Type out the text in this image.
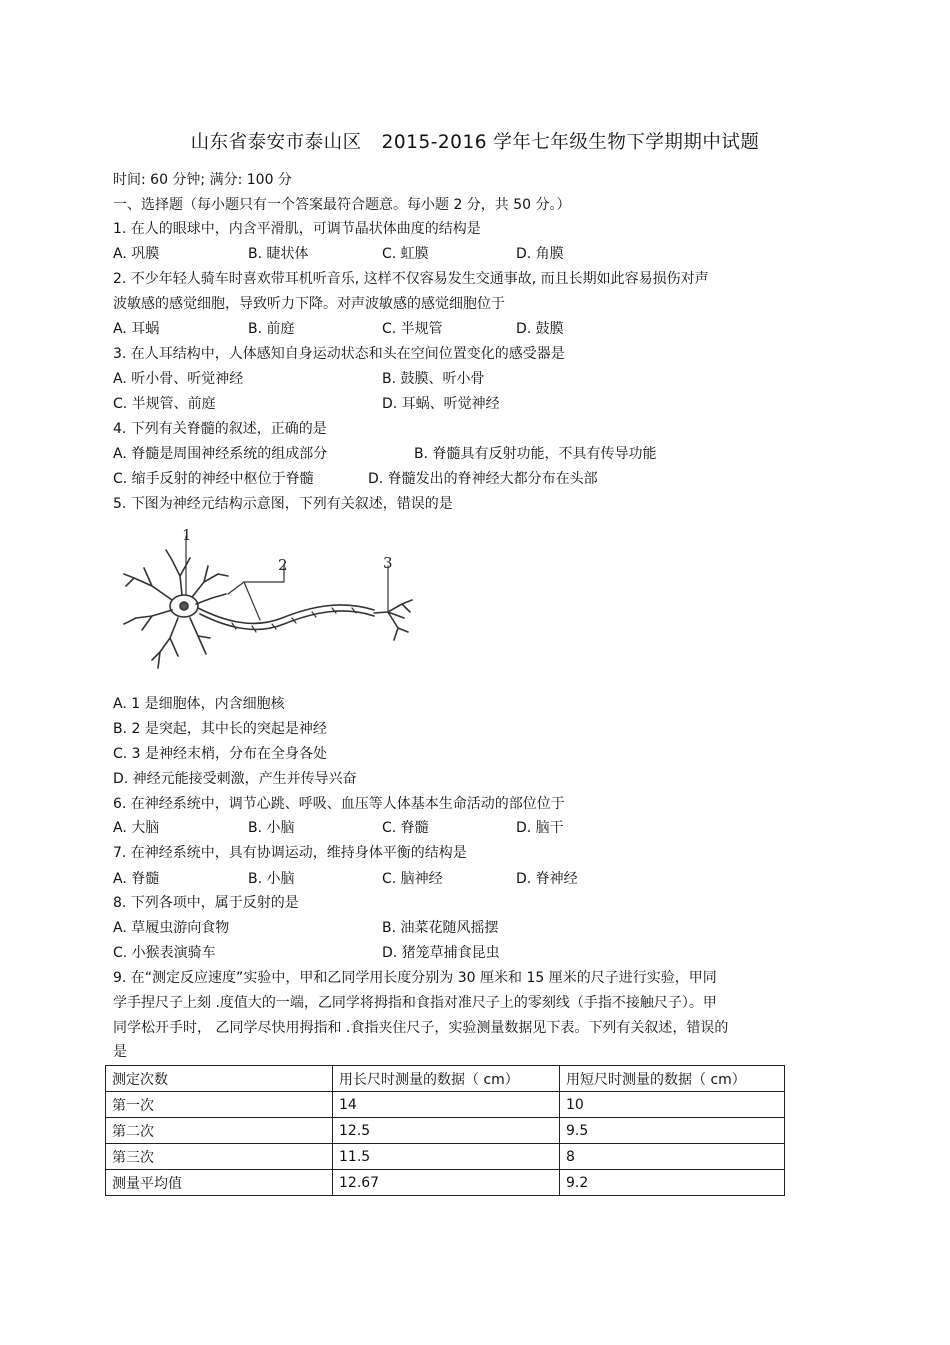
山东省泰安市泰山区 2015-2016 学年七年级生物下学期期中试题
时间: 60 分钟; 满分: 100 分
一、选择题（每小题只有一个答案最符合题意。每小题 2 分，共 50 分。）
1. 在人的眼球中，内含平滑肌，可调节晶状体曲度的结构是
A. 巩膜	B. 睫状体	C. 虹膜	D. 角膜
2. 不少年轻人骑车时喜欢带耳机听音乐, 这样不仅容易发生交通事故, 而且长期如此容易损伤对声
波敏感的感觉细胞，导致听力下降。对声波敏感的感觉细胞位于
A. 耳蜗	B. 前庭	C. 半规管	D. 鼓膜
3. 在人耳结构中，人体感知自身运动状态和头在空间位置变化的感受器是
A. 听小骨、听觉神经	B. 鼓膜、听小骨
C. 半规管、前庭	D. 耳蜗、听觉神经
4. 下列有关脊髓的叙述，正确的是
A. 脊髓是周围神经系统的组成部分	B. 脊髓具有反射功能，不具有传导功能
C. 缩手反射的神经中枢位于脊髓	D. 脊髓发出的脊神经大都分布在头部
5. 下图为神经元结构示意图，下列有关叙述，错误的是
1
2	3
A. 1 是细胞体，内含细胞核
B. 2 是突起，其中长的突起是神经
C. 3 是神经末梢，分布在全身各处
D. 神经元能接受刺激，产生并传导兴奋
6. 在神经系统中，调节心跳、呼吸、血压等人体基本生命活动的部位位于
A. 大脑	B. 小脑	C. 脊髓	D. 脑干
7. 在神经系统中，具有协调运动，维持身体平衡的结构是
A. 脊髓	B. 小脑	C. 脑神经	D. 脊神经
8. 下列各项中，属于反射的是
A. 草履虫游向食物	B. 油菜花随风摇摆
C. 小猴表演骑车	D. 猪笼草捕食昆虫
9. 在“测定反应速度”实验中，甲和乙同学用长度分别为 30 厘米和 15 厘米的尺子进行实验，甲同
学手捏尺子上刻 .度值大的一端，乙同学将拇指和食指对准尺子上的零刻线（手指不接触尺子）。甲
同学松开手时， 乙同学尽快用拇指和 .食指夹住尺子，实验测量数据见下表。下列有关叙述，错误的
是
测定次数	用长尺时测量的数据（ cm）	用短尺时测量的数据（ cm）
第一次	14	10
第二次	12.5	9.5
第三次	11.5	8
测量平均值	12.67	9.2
